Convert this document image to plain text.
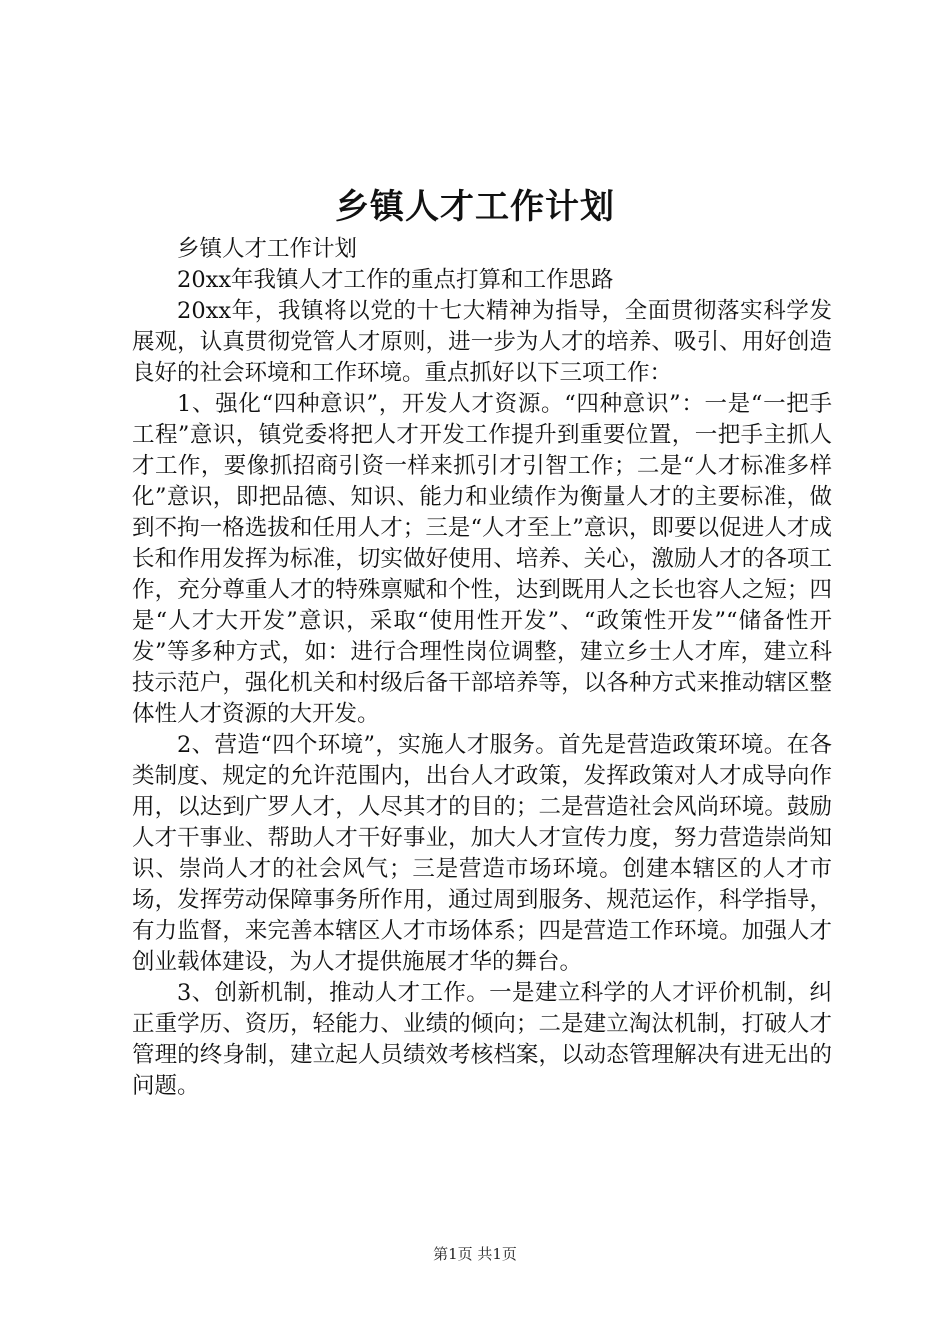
乡镇人才工作计划

乡镇人才工作计划

20xx年我镇人才工作的重点打算和工作思路

20xx年，我镇将以党的十七大精神为指导，全面贯彻落实科学发展观，认真贯彻党管人才原则，进一步为人才的培养、吸引、用好创造良好的社会环境和工作环境。重点抓好以下三项工作：

1、强化“四种意识”，开发人才资源。“四种意识”：一是“一把手工程”意识，镇党委将把人才开发工作提升到重要位置，一把手主抓人才工作，要像抓招商引资一样来抓引才引智工作；二是“人才标准多样化”意识，即把品德、知识、能力和业绩作为衡量人才的主要标准，做到不拘一格选拔和任用人才；三是“人才至上”意识，即要以促进人才成长和作用发挥为标准，切实做好使用、培养、关心，激励人才的各项工作，充分尊重人才的特殊禀赋和个性，达到既用人之长也容人之短；四是“人才大开发”意识，采取“使用性开发”、“政策性开发”“储备性开发”等多种方式，如：进行合理性岗位调整，建立乡士人才库，建立科技示范户，强化机关和村级后备干部培养等，以各种方式来推动辖区整体性人才资源的大开发。

2、营造“四个环境”，实施人才服务。首先是营造政策环境。在各类制度、规定的允许范围内，出台人才政策，发挥政策对人才成导向作用，以达到广罗人才，人尽其才的目的；二是营造社会风尚环境。鼓励人才干事业、帮助人才干好事业，加大人才宣传力度，努力营造崇尚知识、崇尚人才的社会风气；三是营造市场环境。创建本辖区的人才市场，发挥劳动保障事务所作用，通过周到服务、规范运作，科学指导，有力监督，来完善本辖区人才市场体系；四是营造工作环境。加强人才创业载体建设，为人才提供施展才华的舞台。

3、创新机制，推动人才工作。一是建立科学的人才评价机制，纠正重学历、资历，轻能力、业绩的倾向；二是建立淘汰机制，打破人才管理的终身制，建立起人员绩效考核档案，以动态管理解决有进无出的问题。

第1页 共1页
